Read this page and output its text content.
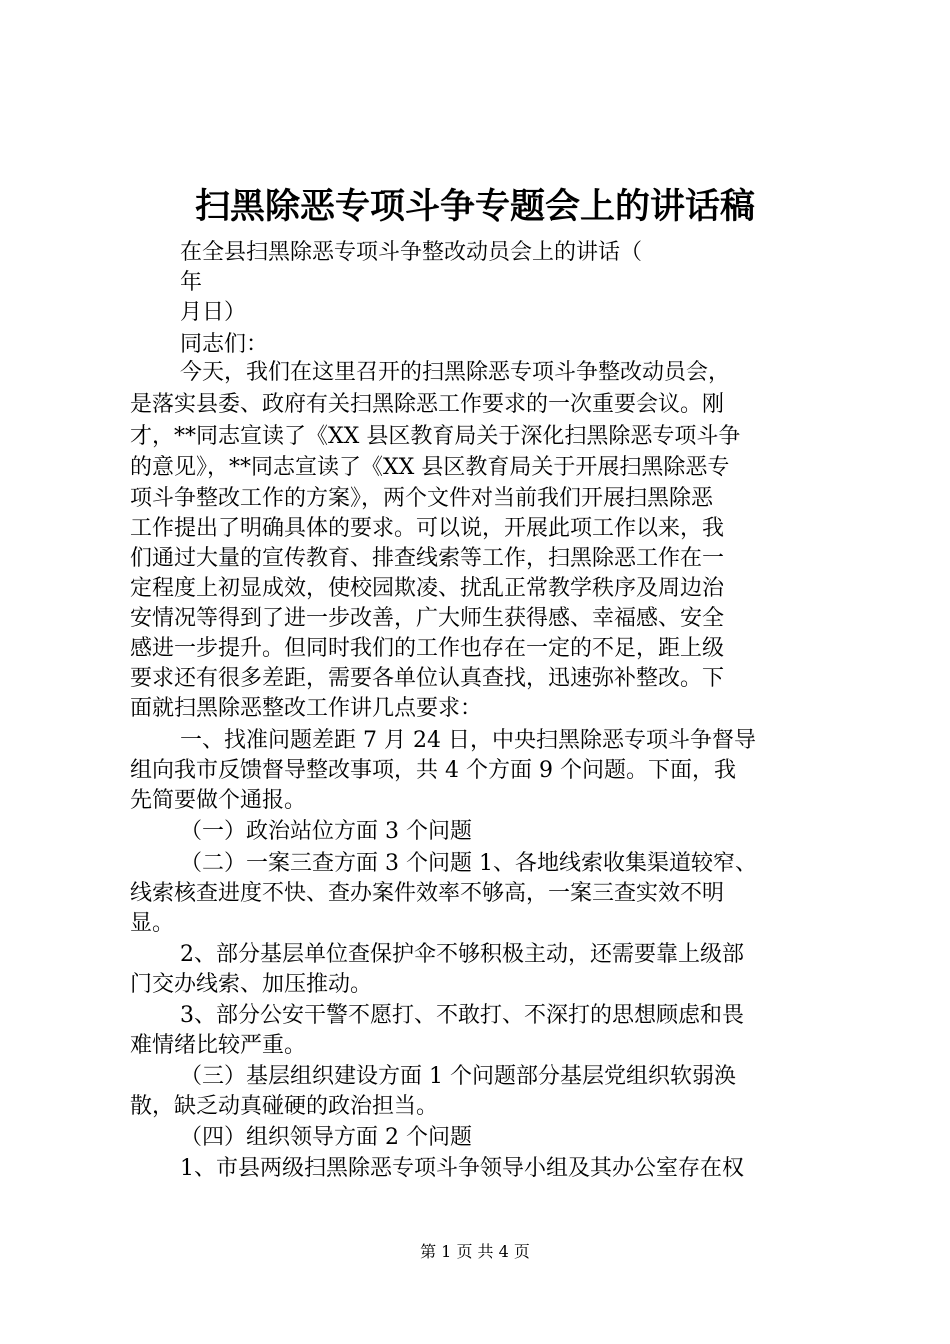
扫黑除恶专项斗争专题会上的讲话稿
在全县扫黑除恶专项斗争整改动员会上的讲话（
年
月日）
同志们：
今天，我们在这里召开的扫黑除恶专项斗争整改动员会，
是落实县委、政府有关扫黑除恶工作要求的一次重要会议。刚
才，**同志宣读了《XX 县区教育局关于深化扫黑除恶专项斗争
的意见》，**同志宣读了《XX 县区教育局关于开展扫黑除恶专
项斗争整改工作的方案》，两个文件对当前我们开展扫黑除恶
工作提出了明确具体的要求。可以说，开展此项工作以来，我
们通过大量的宣传教育、排查线索等工作，扫黑除恶工作在一
定程度上初显成效，使校园欺凌、扰乱正常教学秩序及周边治
安情况等得到了进一步改善，广大师生获得感、幸福感、安全
感进一步提升。但同时我们的工作也存在一定的不足，距上级
要求还有很多差距，需要各单位认真查找，迅速弥补整改。下
面就扫黑除恶整改工作讲几点要求：
一、找准问题差距 7 月 24 日，中央扫黑除恶专项斗争督导
组向我市反馈督导整改事项，共 4 个方面 9 个问题。下面，我
先简要做个通报。
（一）政治站位方面 3 个问题
（二）一案三查方面 3 个问题 1、各地线索收集渠道较窄、
线索核查进度不快、查办案件效率不够高，一案三查实效不明
显。
2、部分基层单位查保护伞不够积极主动，还需要靠上级部
门交办线索、加压推动。
3、部分公安干警不愿打、不敢打、不深打的思想顾虑和畏
难情绪比较严重。
（三）基层组织建设方面 1 个问题部分基层党组织软弱涣
散，缺乏动真碰硬的政治担当。
（四）组织领导方面 2 个问题
1、市县两级扫黑除恶专项斗争领导小组及其办公室存在权
第 1 页 共 4 页
